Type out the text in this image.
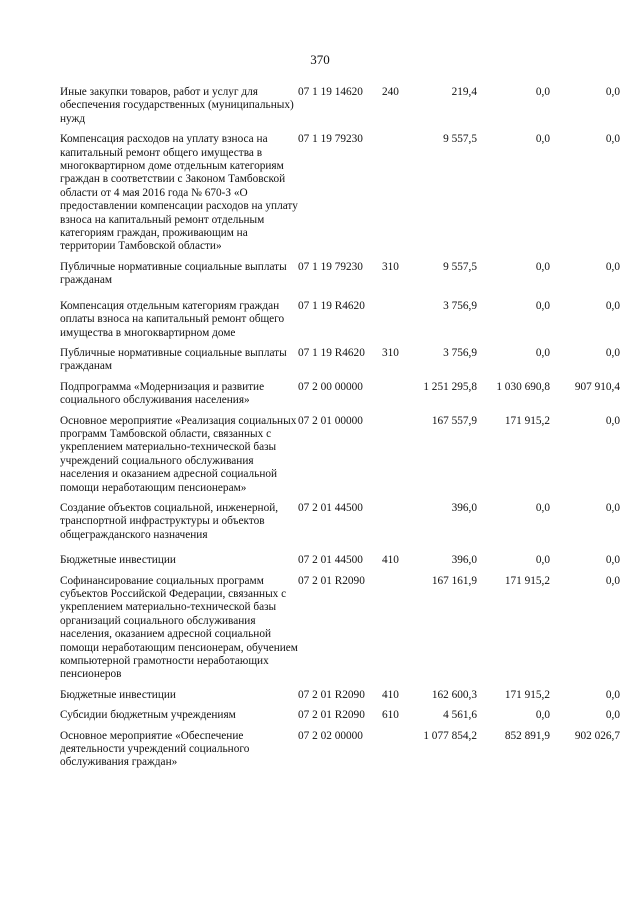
370
Иные закупки товаров, работ и услуг для обеспечения государственных (муниципальных) нужд	07 1 19 14620	240	219,4	0,0	0,0
Компенсация расходов на уплату взноса на капитальный ремонт общего имущества в многоквартирном доме отдельным категориям граждан в соответствии с Законом Тамбовской области от 4 мая 2016 года № 670-З «О предоставлении компенсации расходов на уплату взноса на капитальный ремонт отдельным категориям граждан, проживающим на территории Тамбовской области»	07 1 19 79230		9 557,5	0,0	0,0
Публичные нормативные социальные выплаты гражданам	07 1 19 79230	310	9 557,5	0,0	0,0
Компенсация отдельным категориям граждан оплаты взноса на капитальный ремонт общего имущества в многоквартирном доме	07 1 19 R4620		3 756,9	0,0	0,0
Публичные нормативные социальные выплаты гражданам	07 1 19 R4620	310	3 756,9	0,0	0,0
Подпрограмма «Модернизация и развитие социального обслуживания населения»	07 2 00 00000		1 251 295,8	1 030 690,8	907 910,4
Основное мероприятие «Реализация социальных программ Тамбовской области, связанных с укреплением материально-технической базы учреждений социального обслуживания населения и оказанием адресной социальной помощи неработающим пенсионерам»	07 2 01 00000		167 557,9	171 915,2	0,0
Создание объектов социальной, инженерной, транспортной инфраструктуры и объектов общегражданского назначения	07 2 01 44500		396,0	0,0	0,0
Бюджетные инвестиции	07 2 01 44500	410	396,0	0,0	0,0
Софинансирование социальных программ субъектов Российской Федерации, связанных с укреплением материально-технической базы организаций социального обслуживания населения, оказанием адресной социальной помощи неработающим пенсионерам, обучением компьютерной грамотности неработающих пенсионеров	07 2 01 R2090		167 161,9	171 915,2	0,0
Бюджетные инвестиции	07 2 01 R2090	410	162 600,3	171 915,2	0,0
Субсидии бюджетным учреждениям	07 2 01 R2090	610	4 561,6	0,0	0,0
Основное мероприятие «Обеспечение деятельности учреждений социального обслуживания граждан»	07 2 02 00000		1 077 854,2	852 891,9	902 026,7
